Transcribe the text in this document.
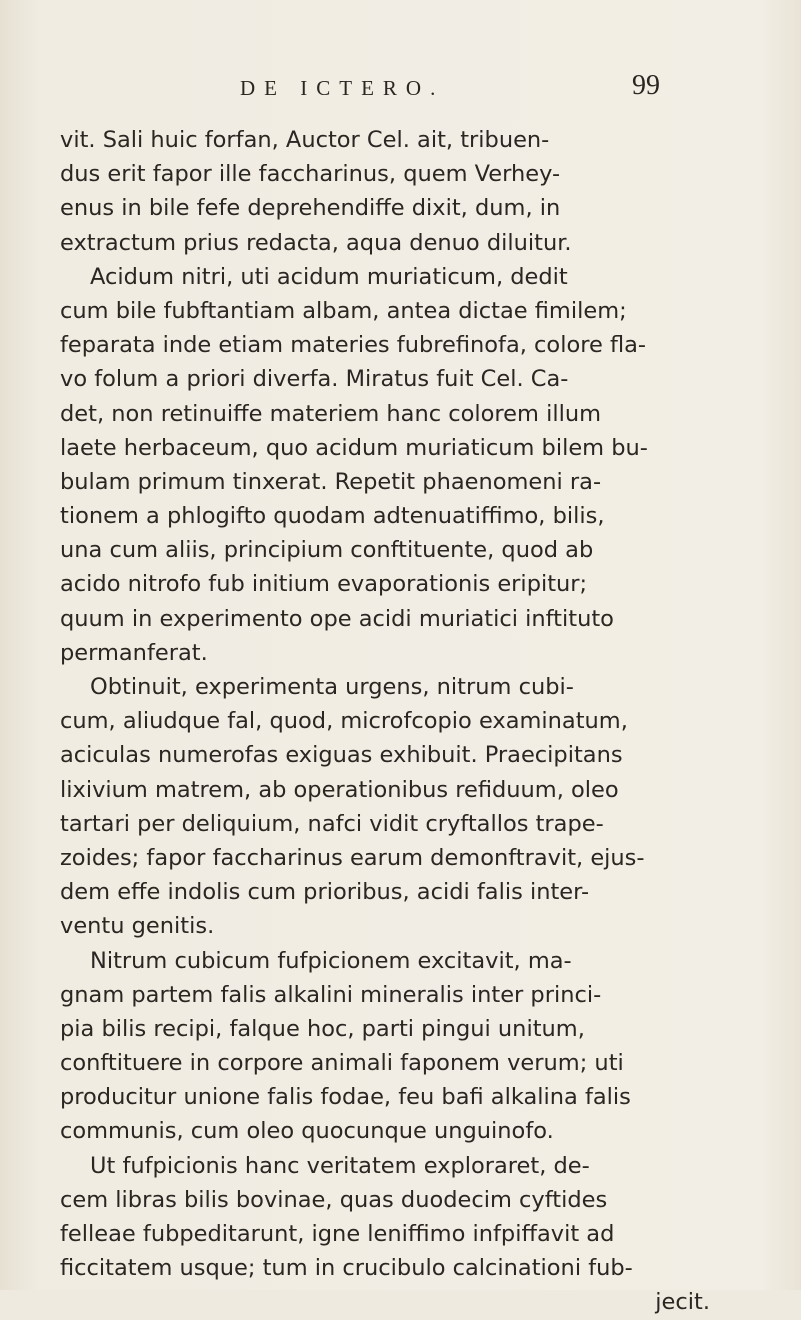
DE ICTERO.	99
vit. Sali huic forfan, Auctor Cel. ait, tribuen-
dus erit fapor ille faccharinus, quem Verhey-
enus in bile fefe deprehendiffe dixit, dum, in
extractum prius redacta, aqua denuo diluitur.
Acidum nitri, uti acidum muriaticum, dedit
cum bile fubftantiam albam, antea dictae fimilem;
feparata inde etiam materies fubrefinofa, colore fla-
vo folum a priori diverfa. Miratus fuit Cel. Ca-
det, non retinuiffe materiem hanc colorem illum
laete herbaceum, quo acidum muriaticum bilem bu-
bulam primum tinxerat. Repetit phaenomeni ra-
tionem a phlogifto quodam adtenuatiffimo, bilis,
una cum aliis, principium conftituente, quod ab
acido nitrofo fub initium evaporationis eripitur;
quum in experimento ope acidi muriatici inftituto
permanferat.
Obtinuit, experimenta urgens, nitrum cubi-
cum, aliudque fal, quod, microfcopio examinatum,
aciculas numerofas exiguas exhibuit. Praecipitans
lixivium matrem, ab operationibus refiduum, oleo
tartari per deliquium, nafci vidit cryftallos trape-
zoides; fapor faccharinus earum demonftravit, ejus-
dem effe indolis cum prioribus, acidi falis inter-
ventu genitis.
Nitrum cubicum fufpicionem excitavit, ma-
gnam partem falis alkalini mineralis inter princi-
pia bilis recipi, falque hoc, parti pingui unitum,
conftituere in corpore animali faponem verum; uti
producitur unione falis fodae, feu bafi alkalina falis
communis, cum oleo quocunque unguinofo.
Ut fufpicionis hanc veritatem exploraret, de-
cem libras bilis bovinae, quas duodecim cyftides
felleae fubpeditarunt, igne leniffimo infpiffavit ad
ficcitatem usque; tum in crucibulo calcinationi fub-
jecit.
